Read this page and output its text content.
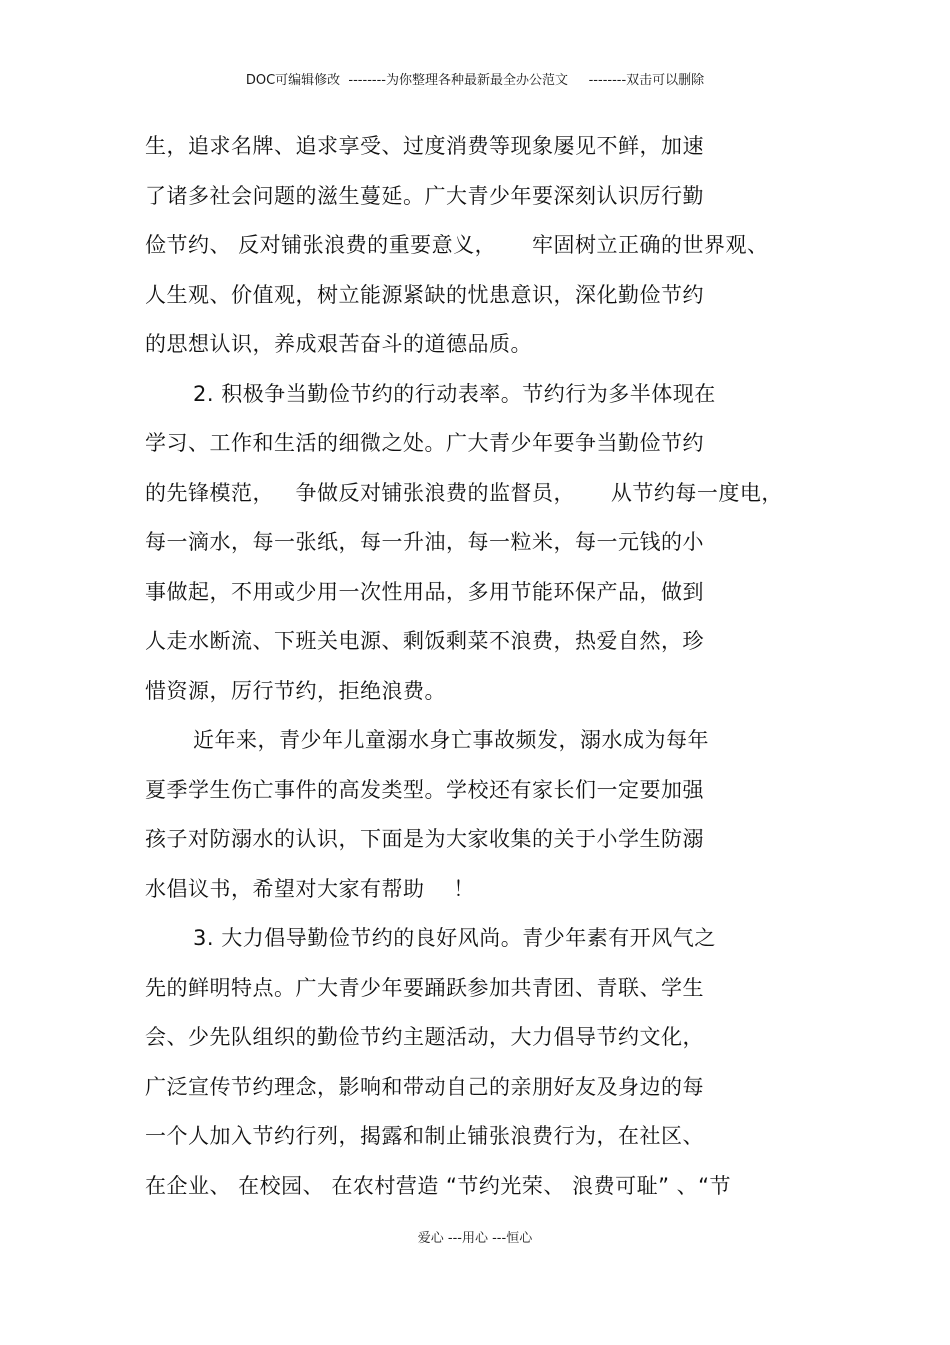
DOC可编辑修改  --------为你整理各种最新最全办公范文     --------双击可以删除
生，追求名牌、追求享受、过度消费等现象屡见不鲜，加速
了诸多社会问题的滋生蔓延。广大青少年要深刻认识厉行勤
俭节约、 反对铺张浪费的重要意义，     牢固树立正确的世界观、
人生观、价值观，树立能源紧缺的忧患意识，深化勤俭节约
的思想认识，养成艰苦奋斗的道德品质。
2. 积极争当勤俭节约的行动表率。节约行为多半体现在
学习、工作和生活的细微之处。广大青少年要争当勤俭节约
的先锋模范，   争做反对铺张浪费的监督员，     从节约每一度电，
每一滴水，每一张纸，每一升油，每一粒米，每一元钱的小
事做起，不用或少用一次性用品，多用节能环保产品，做到
人走水断流、下班关电源、剩饭剩菜不浪费，热爱自然，珍
惜资源，厉行节约，拒绝浪费。
近年来，青少年儿童溺水身亡事故频发，溺水成为每年
夏季学生伤亡事件的高发类型。学校还有家长们一定要加强
孩子对防溺水的认识，下面是为大家收集的关于小学生防溺
水倡议书，希望对大家有帮助    ！
3. 大力倡导勤俭节约的良好风尚。青少年素有开风气之
先的鲜明特点。广大青少年要踊跃参加共青团、青联、学生
会、少先队组织的勤俭节约主题活动，大力倡导节约文化，
广泛宣传节约理念，影响和带动自己的亲朋好友及身边的每
一个人加入节约行列，揭露和制止铺张浪费行为，在社区、
在企业、 在校园、 在农村营造 “节约光荣、 浪费可耻” 、“节
爱心 ---用心 ---恒心
